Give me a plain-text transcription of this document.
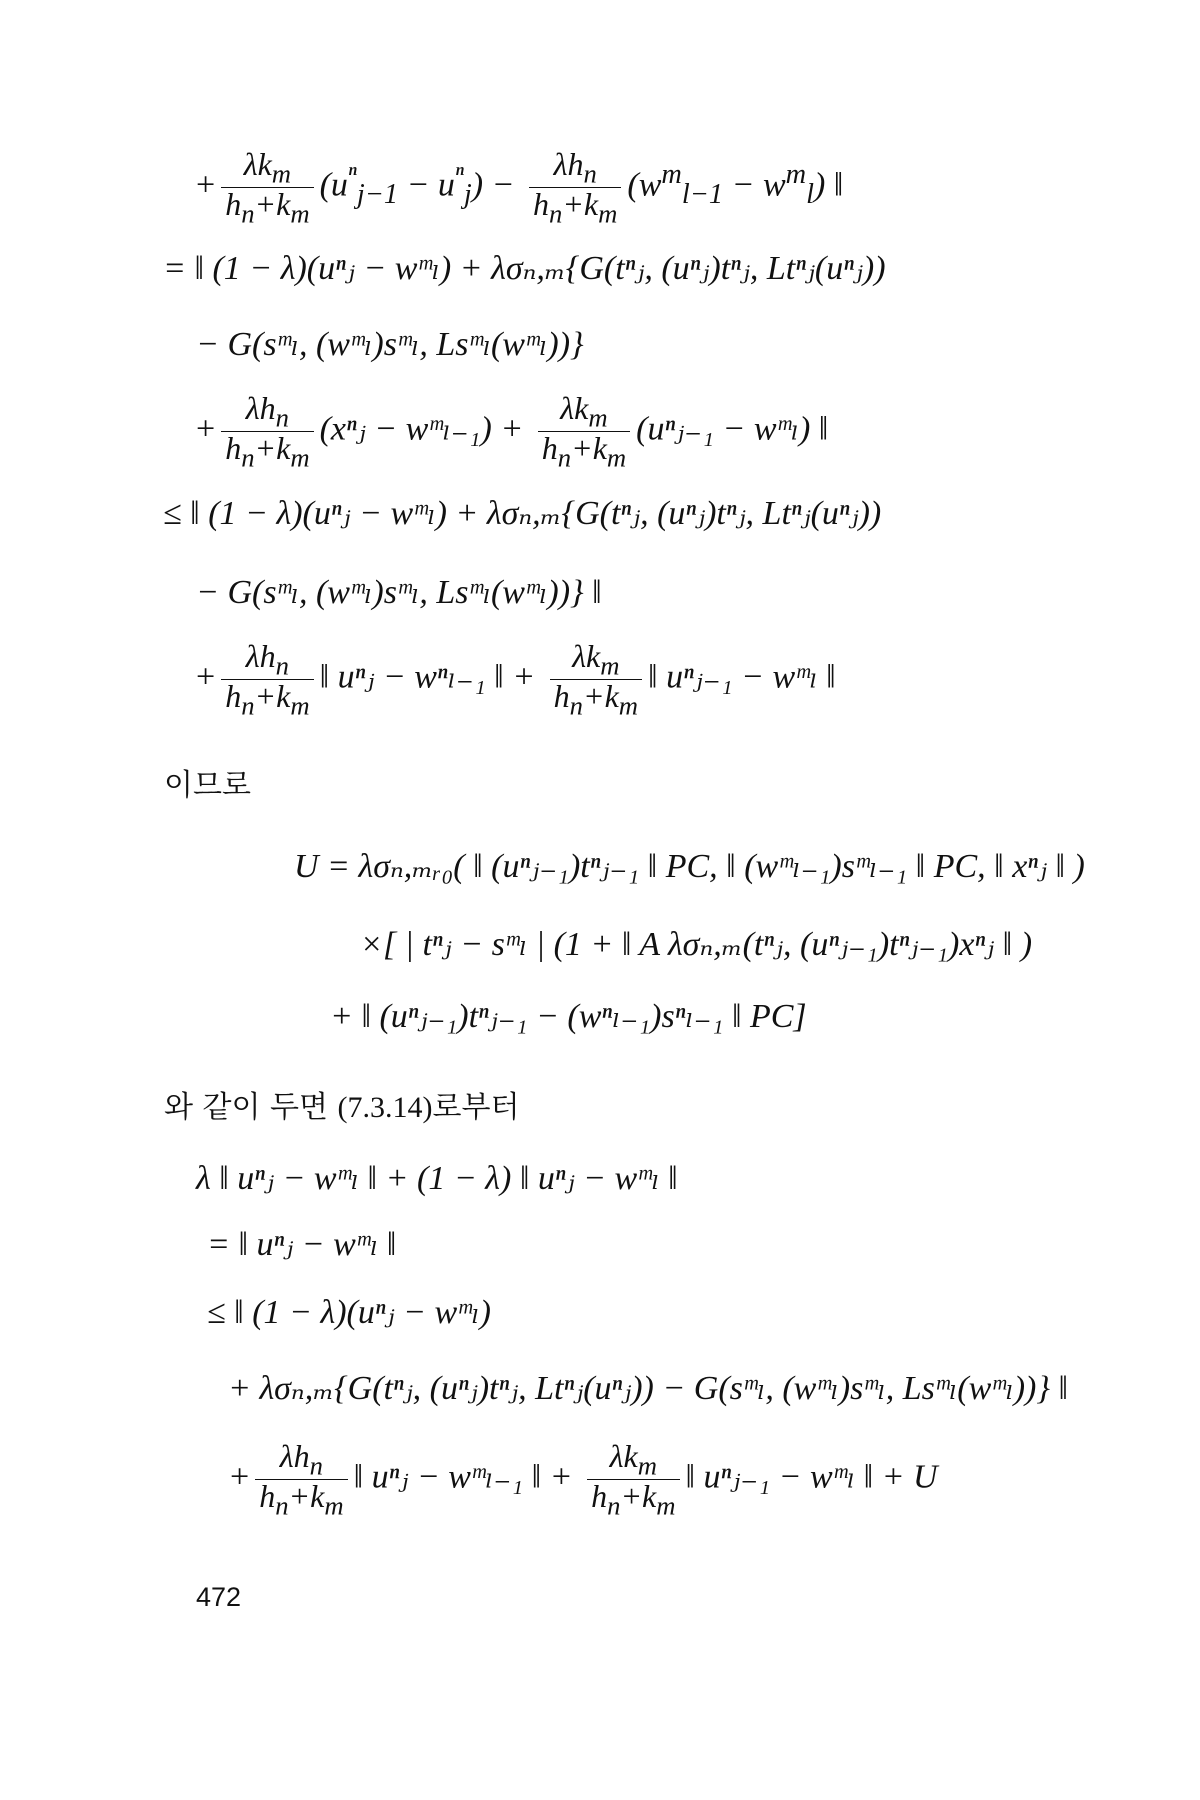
+ $\frac{\lambda k_m}{h_n+k_m} (u^{^n}_{j-1} - u^{^n}_j) - \frac{\lambda h_n}{h_n+k_m} (w^m_{l-1} - w^m_l)$ ‖
= ‖ (1 − λ)(uⁿⱼ − wᵐₗ) + λσₙ,ₘ{G(tⁿⱼ, (uⁿⱼ)tⁿⱼ, Ltⁿⱼ(uⁿⱼ))
− G(sᵐₗ, (wᵐₗ)sᵐₗ, Lsᵐₗ(wᵐₗ))}
+ $\frac{\lambda h_n}{h_n+k_m}$ (xⁿⱼ − wᵐₗ₋₁) + $\frac{\lambda k_m}{h_n+k_m}$ (uⁿⱼ₋₁ − wᵐₗ) ‖
≤ ‖ (1 − λ)(uⁿⱼ − wᵐₗ) + λσₙ,ₘ{G(tⁿⱼ, (uⁿⱼ)tⁿⱼ, Ltⁿⱼ(uⁿⱼ))
− G(sᵐₗ, (wᵐₗ)sᵐₗ, Lsᵐₗ(wᵐₗ))} ‖
+ $\frac{\lambda h_n}{h_n+k_m}$ ‖ uⁿⱼ − wⁿₗ₋₁ ‖ + $\frac{\lambda k_m}{h_n+k_m}$ ‖ uⁿⱼ₋₁ − wᵐₗ ‖
이므로
U = λσₙ,ₘᵣ₀( ‖ (uⁿⱼ₋₁)tⁿⱼ₋₁ ‖ PC, ‖ (wᵐₗ₋₁)sᵐₗ₋₁ ‖ PC, ‖ xⁿⱼ ‖ )
×[ | tⁿⱼ − sᵐₗ | (1 + ‖ A λσₙ,ₘ(tⁿⱼ, (uⁿⱼ₋₁)tⁿⱼ₋₁)xⁿⱼ ‖ )
+ ‖ (uⁿⱼ₋₁)tⁿⱼ₋₁ − (wⁿₗ₋₁)sⁿₗ₋₁ ‖ PC]
와 같이 두면 (7.3.14)로부터
λ ‖ uⁿⱼ − wᵐₗ ‖ + (1 − λ) ‖ uⁿⱼ − wᵐₗ ‖
= ‖ uⁿⱼ − wᵐₗ ‖
≤ ‖ (1 − λ)(uⁿⱼ − wᵐₗ)
+ λσₙ,ₘ{G(tⁿⱼ, (uⁿⱼ)tⁿⱼ, Ltⁿⱼ(uⁿⱼ)) − G(sᵐₗ, (wᵐₗ)sᵐₗ, Lsᵐₗ(wᵐₗ))} ‖
+ $\frac{\lambda h_n}{h_n+k_m}$ ‖ uⁿⱼ − wᵐₗ₋₁ ‖ + $\frac{\lambda k_m}{h_n+k_m}$ ‖ uⁿⱼ₋₁ − wᵐₗ ‖ + U
472
